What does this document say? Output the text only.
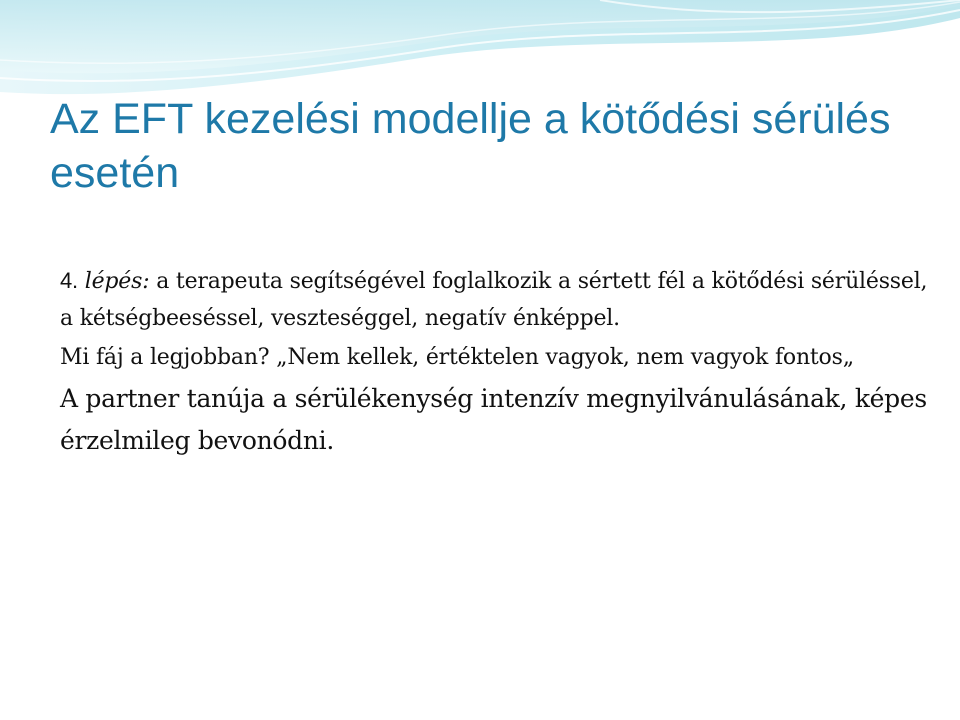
Az EFT kezelési modellje a kötődési sérülés esetén

4. lépés: a terapeuta segítségével foglalkozik a sértett fél a kötődési sérüléssel, a kétségbeeséssel, veszteséggel, negatív énképpel.

Mi fáj a legjobban? „Nem kellek, értéktelen vagyok, nem vagyok fontos„

A partner tanúja a sérülékenység intenzív megnyilvánulásának, képes érzelmileg bevonódni.
